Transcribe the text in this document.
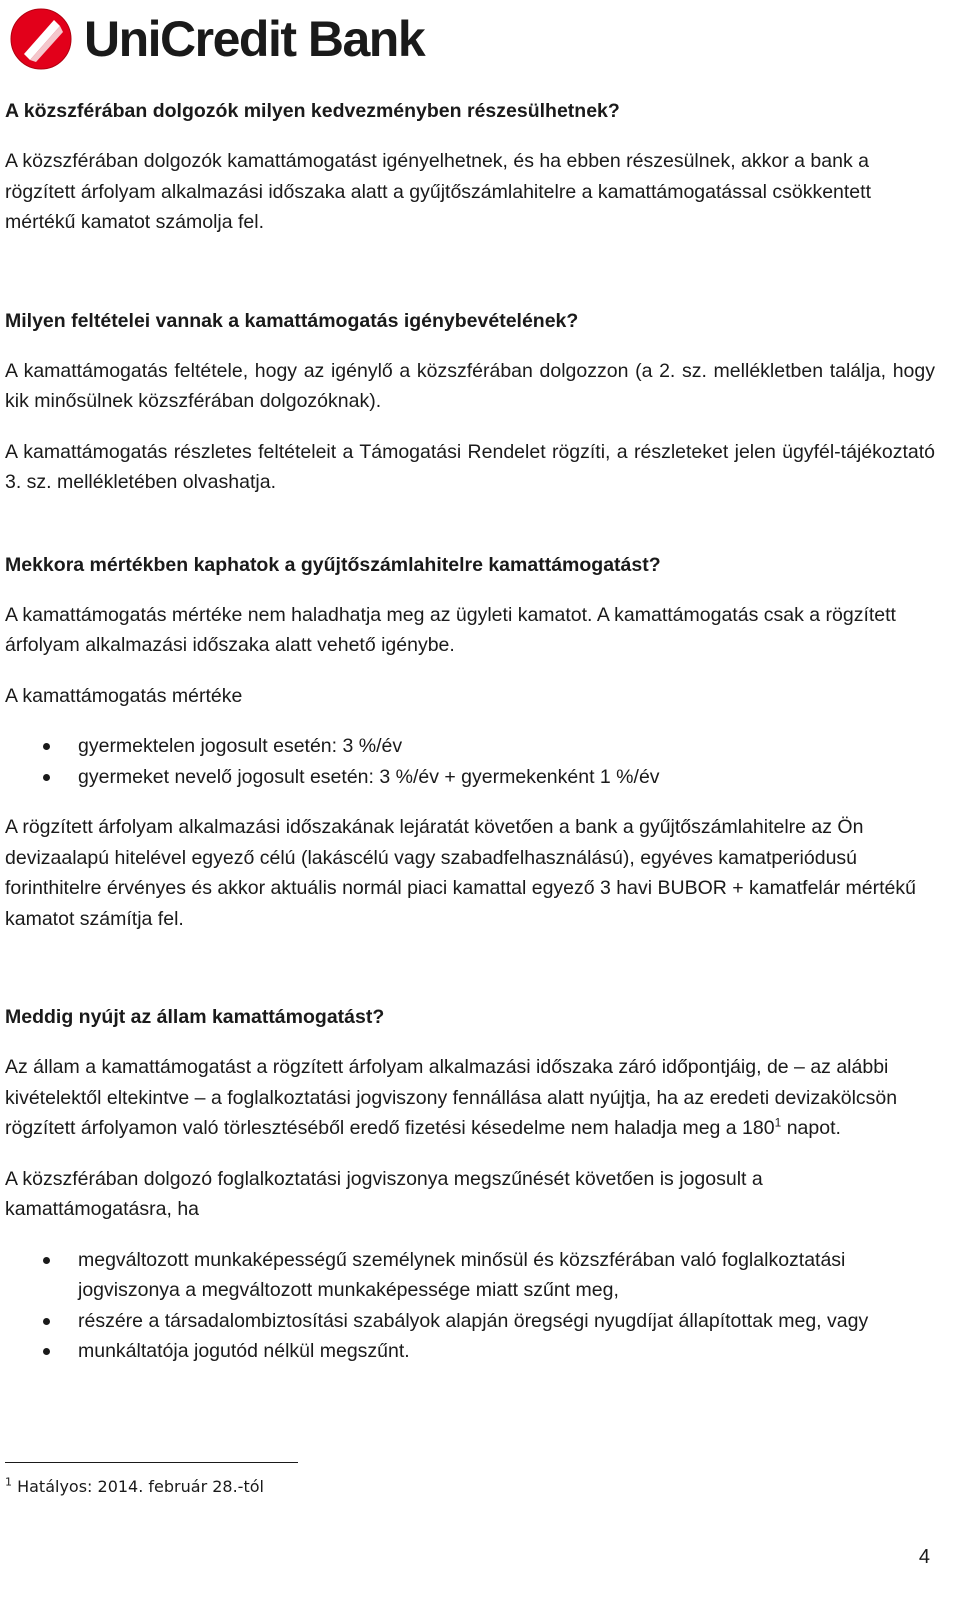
UniCredit Bank

A közszférában dolgozók milyen kedvezményben részesülhetnek?

A közszférában dolgozók kamattámogatást igényelhetnek, és ha ebben részesülnek, akkor a bank a rögzített árfolyam alkalmazási időszaka alatt a gyűjtőszámlahitelre a kamattámogatással csökkentett mértékű kamatot számolja fel.

Milyen feltételei vannak a kamattámogatás igénybevételének?

A kamattámogatás feltétele, hogy az igénylő a közszférában dolgozzon (a 2. sz. mellékletben találja, hogy kik minősülnek közszférában dolgozóknak).

A kamattámogatás részletes feltételeit a Támogatási Rendelet rögzíti, a részleteket jelen ügyfél-tájékoztató 3. sz. mellékletében olvashatja.

Mekkora mértékben kaphatok a gyűjtőszámlahitelre kamattámogatást?

A kamattámogatás mértéke nem haladhatja meg az ügyleti kamatot. A kamattámogatás csak a rögzített árfolyam alkalmazási időszaka alatt vehető igénybe.

A kamattámogatás mértéke

gyermektelen jogosult esetén: 3 %/év
gyermeket nevelő jogosult esetén: 3 %/év + gyermekenként 1 %/év

A rögzített árfolyam alkalmazási időszakának lejáratát követően a bank a gyűjtőszámlahitelre az Ön devizaalapú hitelével egyező célú (lakáscélú vagy szabadfelhasználású), egyéves kamatperiódusú forinthitelre érvényes és akkor aktuális normál piaci kamattal egyező 3 havi BUBOR + kamatfelár mértékű kamatot számítja fel.

Meddig nyújt az állam kamattámogatást?

Az állam a kamattámogatást a rögzített árfolyam alkalmazási időszaka záró időpontjáig, de – az alábbi kivételektől eltekintve – a foglalkoztatási jogviszony fennállása alatt nyújtja, ha az eredeti devizakölcsön rögzített árfolyamon való törlesztéséből eredő fizetési késedelme nem haladja meg a $180^1$ napot.

A közszférában dolgozó foglalkoztatási jogviszonya megszűnését követően is jogosult a kamattámogatásra, ha

megváltozott munkaképességű személynek minősül és közszférában való foglalkoztatási jogviszonya a megváltozott munkaképessége miatt szűnt meg,
részére a társadalombiztosítási szabályok alapján öregségi nyugdíjat állapítottak meg, vagy
munkáltatója jogutód nélkül megszűnt.
$^1$ Hatályos: 2014. február 28.-tól
4
